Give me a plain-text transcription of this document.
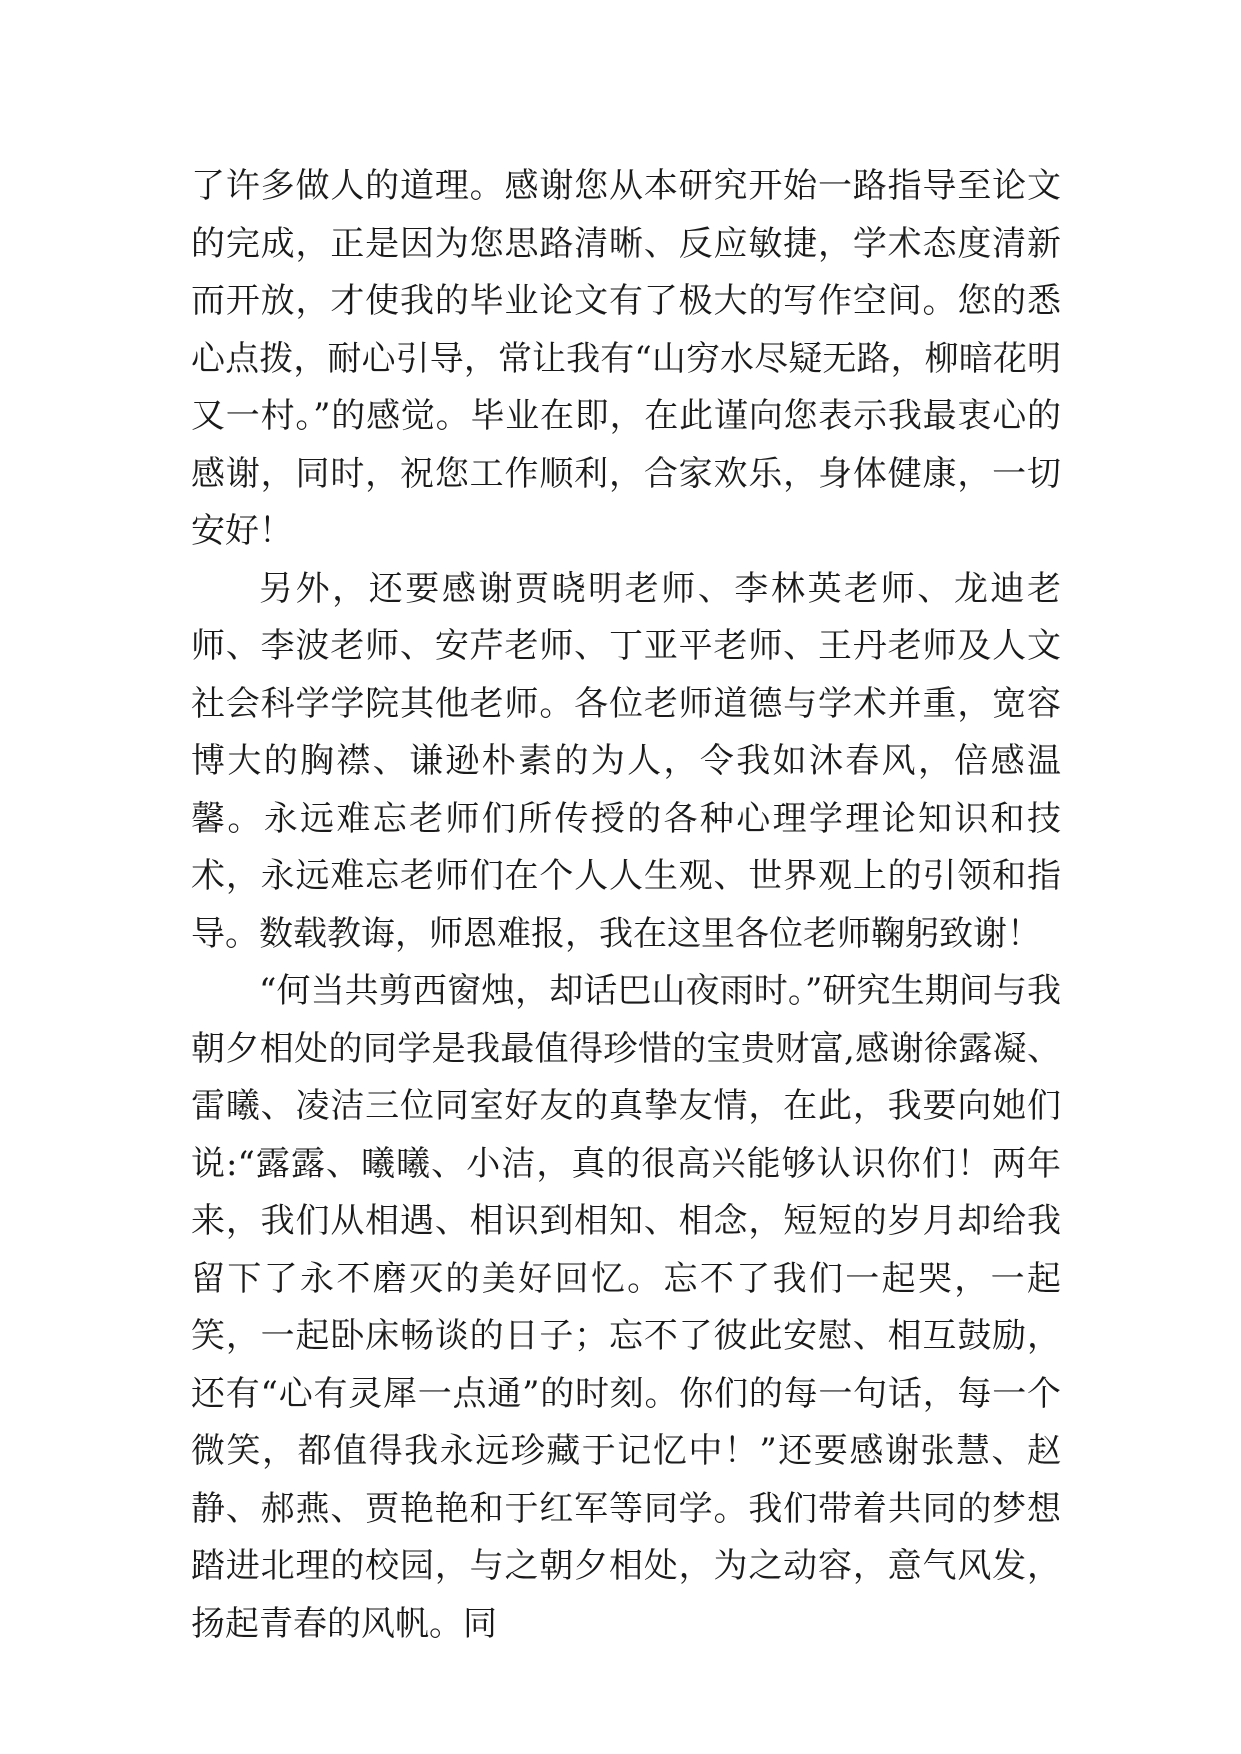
了许多做人的道理。感谢您从本研究开始一路指导至论文的完成，正是因为您思路清晰、反应敏捷，学术态度清新而开放，才使我的毕业论文有了极大的写作空间。您的悉心点拨，耐心引导，常让我有“山穷水尽疑无路，柳暗花明又一村。”的感觉。毕业在即，在此谨向您表示我最衷心的感谢，同时，祝您工作顺利，合家欢乐，身体健康，一切安好！

另外，还要感谢贾晓明老师、李林英老师、龙迪老师、李波老师、安芹老师、丁亚平老师、王丹老师及人文社会科学学院其他老师。各位老师道德与学术并重，宽容博大的胸襟、谦逊朴素的为人，令我如沐春风，倍感温馨。永远难忘老师们所传授的各种心理学理论知识和技术，永远难忘老师们在个人人生观、世界观上的引领和指导。数载教诲，师恩难报，我在这里各位老师鞠躬致谢！

“何当共剪西窗烛，却话巴山夜雨时。”研究生期间与我朝夕相处的同学是我最值得珍惜的宝贵财富,感谢徐露凝、雷曦、凌洁三位同室好友的真挚友情，在此，我要向她们说:“露露、曦曦、小洁，真的很高兴能够认识你们！两年来，我们从相遇、相识到相知、相念，短短的岁月却给我留下了永不磨灭的美好回忆。忘不了我们一起哭，一起笑，一起卧床畅谈的日子；忘不了彼此安慰、相互鼓励，还有“心有灵犀一点通”的时刻。你们的每一句话，每一个微笑，都值得我永远珍藏于记忆中！”还要感谢张慧、赵静、郝燕、贾艳艳和于红军等同学。我们带着共同的梦想踏进北理的校园，与之朝夕相处，为之动容，意气风发，扬起青春的风帆。同
